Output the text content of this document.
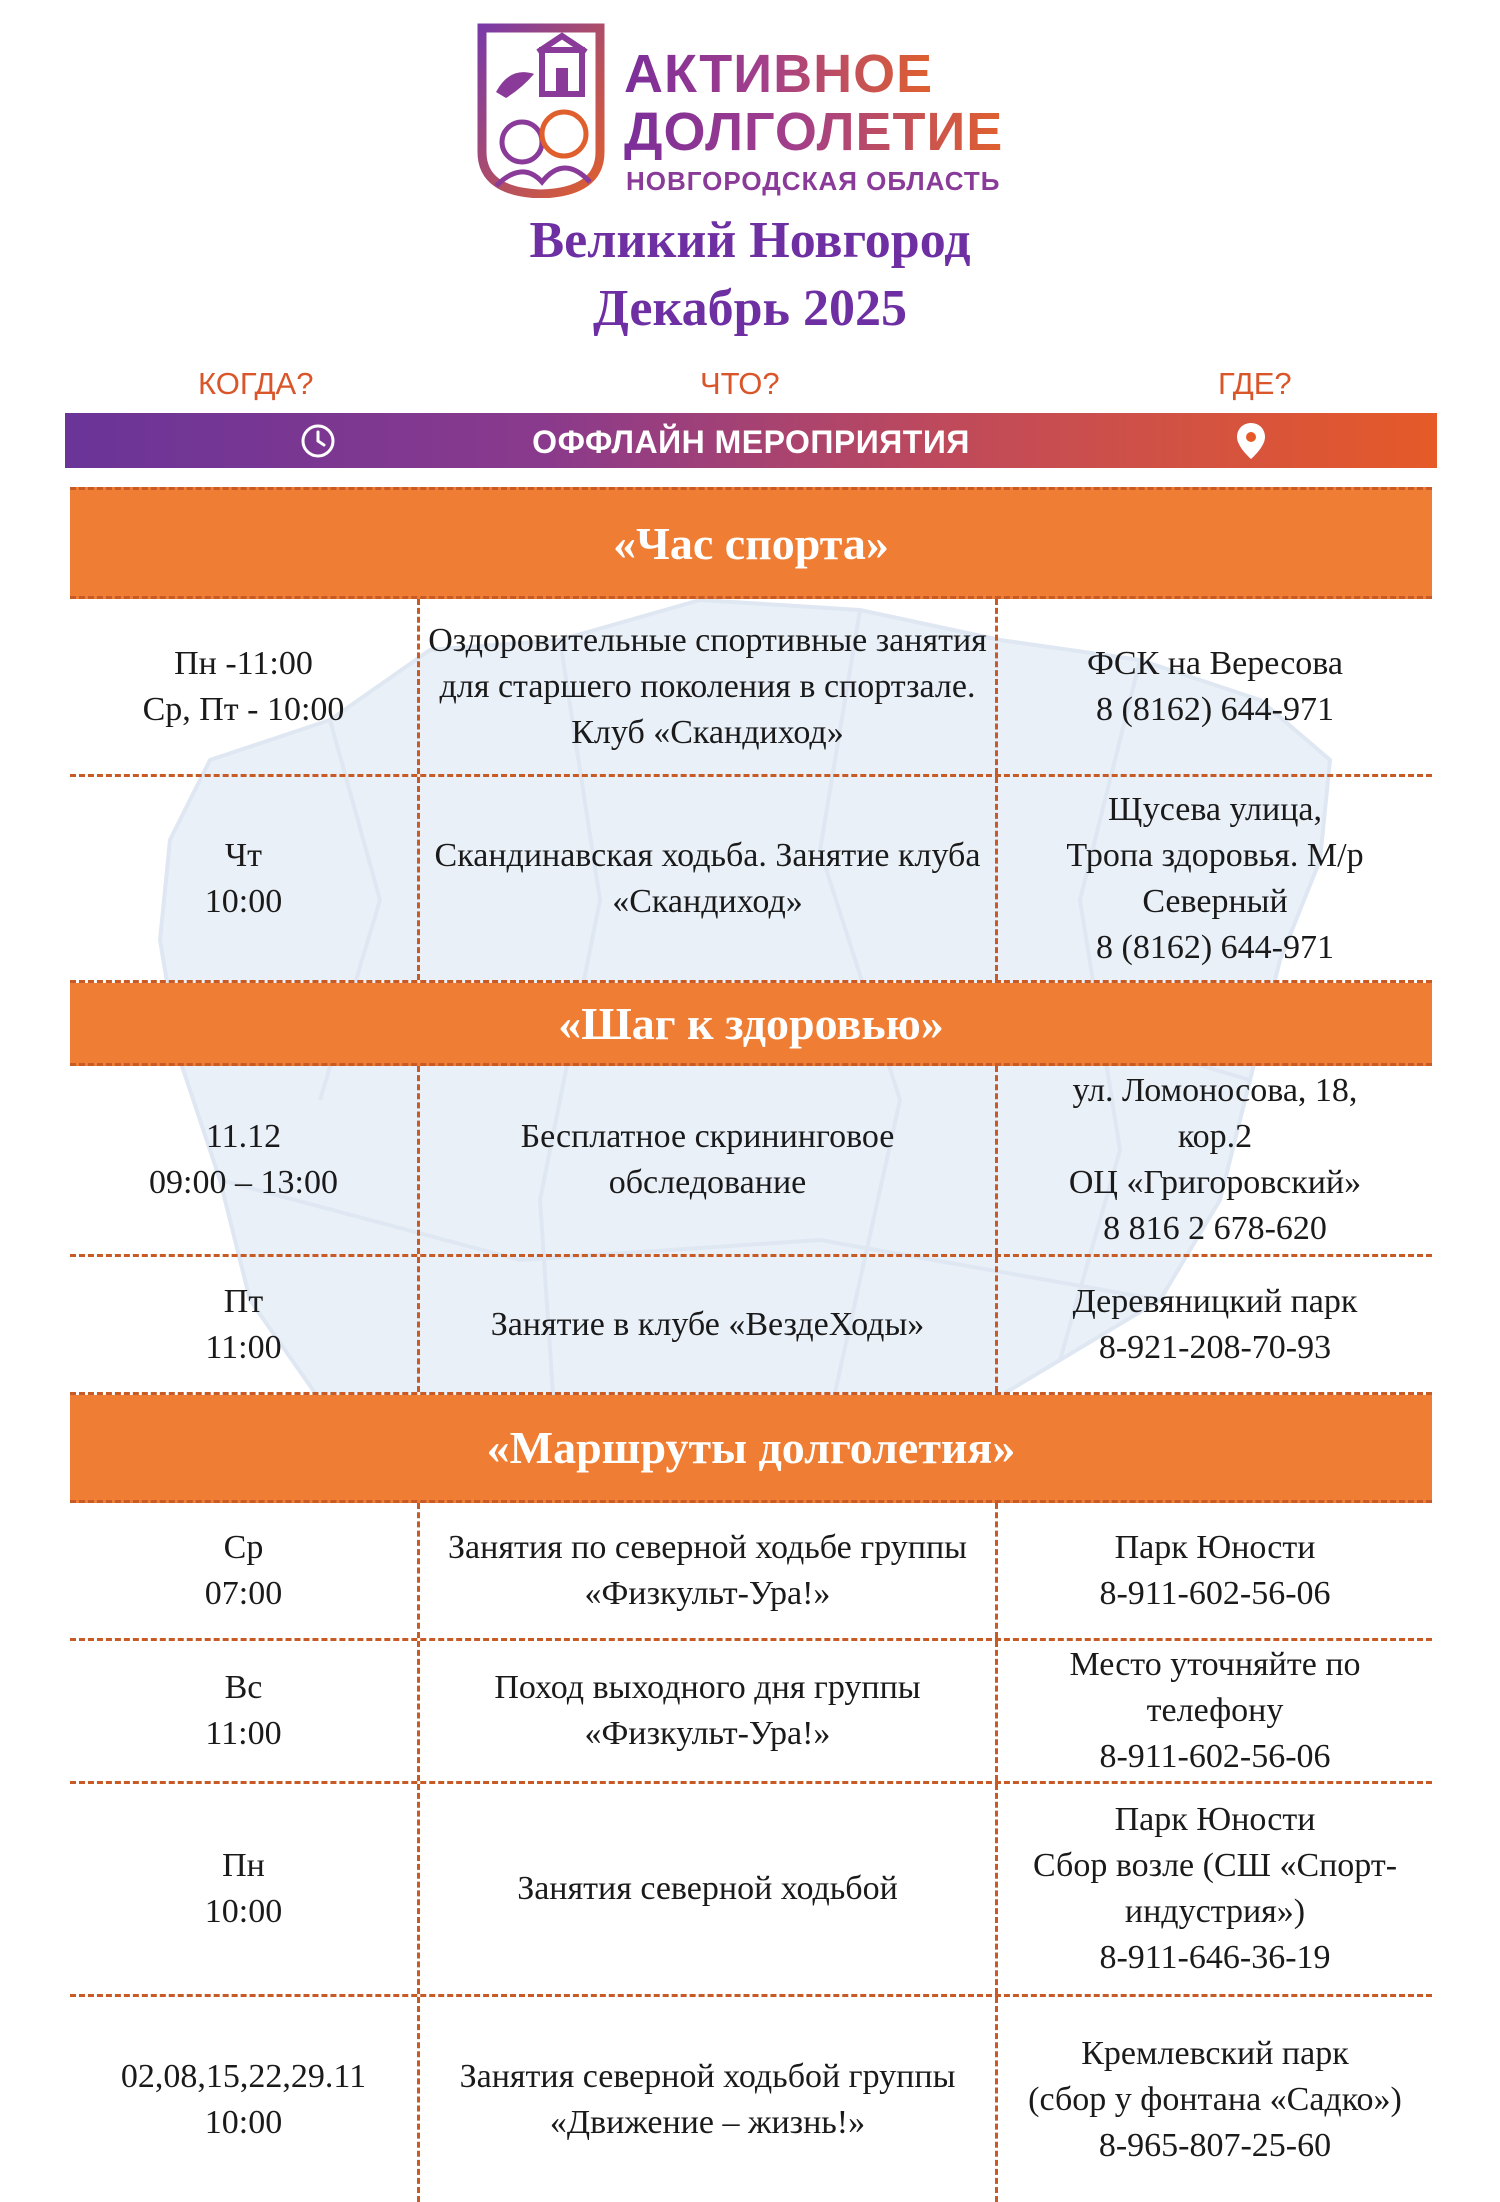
АКТИВНОЕ
ДОЛГОЛЕТИЕ
НОВГОРОДСКАЯ ОБЛАСТЬ
Великий Новгород
Декабрь 2025
КОГДА?	ЧТО?	ГДЕ?
ОФФЛАЙН МЕРОПРИЯТИЯ
«Час спорта»
Пн -11:00
Ср, Пт - 10:00
Оздоровительные спортивные занятия для старшего поколения в спортзале. Клуб «Скандиход»
ФСК на Вересова
8 (8162) 644-971
Чт
10:00
Скандинавская ходьба. Занятие клуба «Скандиход»
Щусева улица,
Тропа здоровья. М/р Северный
8 (8162) 644-971
«Шаг к здоровью»
11.12
09:00 – 13:00
Бесплатное скрининговое обследование
ул. Ломоносова, 18,
кор.2
ОЦ «Григоровский»
8 816 2 678-620
Пт
11:00
Занятие в клубе «ВездеХоды»
Деревяницкий парк
8-921-208-70-93
«Маршруты долголетия»
Ср
07:00
Занятия по северной ходьбе группы «Физкульт-Ура!»
Парк Юности
8-911-602-56-06
Вс
11:00
Поход выходного дня группы «Физкульт-Ура!»
Место уточняйте по телефону
8-911-602-56-06
Пн
10:00
Занятия северной ходьбой
Парк Юности
Сбор возле (СШ «Спорт-индустрия»)
8-911-646-36-19
02,08,15,22,29.11
10:00
Занятия северной ходьбой группы «Движение – жизнь!»
Кремлевский парк
(сбор у фонтана «Садко»)
8-965-807-25-60
